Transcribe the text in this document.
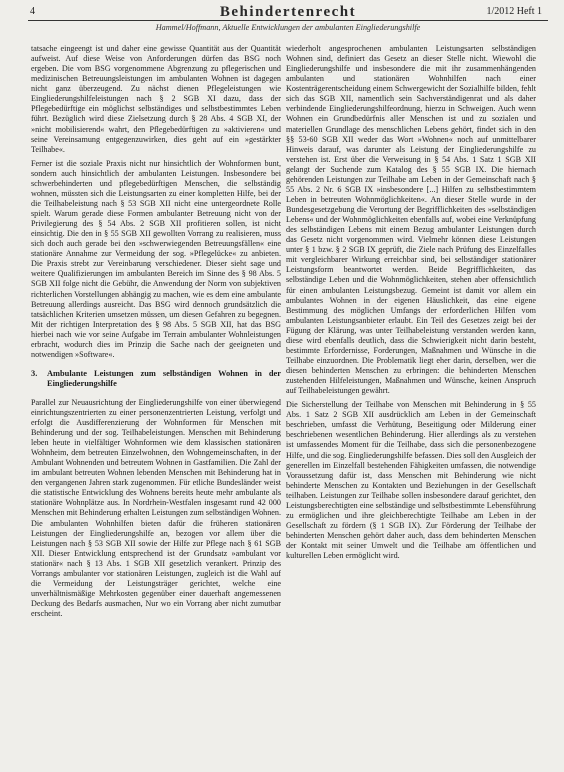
4	Behindertenrecht	1/2012 Heft 1
Hammel/Hoffmann, Aktuelle Entwicklungen der ambulanten Eingliederungshilfe

tatsache eingeengt ist und daher eine gewisse Quantität aus der Quantität aufweist. Auf diese Weise von Anforderungen dürfen das BSG noch ergeben. Die vom BSG vorgenommene Abgrenzung zu pflegerischen und medizinischen Betreuungsleistungen im ambulanten Wohnen ist dagegen nicht ganz überzeugend. Zu nächst dienen Pflegeleistungen wie Eingliederungshilfeleistungen nach § 2 SGB XI dazu, dass der Pflegebedürftige ein möglichst selbständiges und selbstbestimmtes Leben führt. Bezüglich wird diese Zielsetzung durch § 28 Abs. 4 SGB XI, der »nicht mobilisierend« wahrt, den Pflegebedürftigen zu »aktivieren« und seine Vereinsamung entgegenzuwirken, dies geht auf ein »gestärkter Teilhabe«.

Ferner ist die soziale Praxis nicht nur hinsichtlich der Wohnformen bunt, sondern auch hinsichtlich der ambulanten Leistungen. Insbesondere bei schwerbehinderten und pflegebedürftigen Menschen, die selbständig wohnen, müssten sich die Leistungsarten zu einer kompletten Hilfe, bei der die Teilhabeleistung nach § 53 SGB XII nicht eine untergeordnete Rolle spielt. Warum gerade diese Formen ambulanter Betreuung nicht von der Privilegierung des § 54 Abs. 2 SGB XII profitieren sollen, ist nicht einsichtig. Die den in § 55 SGB XII gewollten Vorrang zu realisieren, muss sich doch auch gerade bei den »schwerwiegenden Betreuungsfällen« eine stationäre Annahme zur Vermeidung der sog. »Pflegelücke« zu anbieten. Die Praxis strebt zur Vereinbarung verschiedener. Dieser sieht sage und weitere Qualifizierungen im ambulanten Bereich im Sinne des § 98 Abs. 5 SGB XII folge nicht die Gebühr, die Anwendung der Norm von subjektiven richterlichen Vorstellungen abhängig zu machen, wie es dem eine ambulante Betreuung allerdings ausreicht. Das BSG wird dennoch grundsätzlich die tatsächlichen Kriterien umsetzen müssen, um diesen Gefahren zu begegnen. Mit der richtigen Interpretation des § 98 Abs. 5 SGB XII, hat das BSG hierbei nach wie vor seine Aufgabe im Terrain ambulanter Wohnleistungen erbracht, wodurch dies im Prinzip die Sache nach der geeigneten und notwendigen »Software«.

3.	Ambulante Leistungen zum selbständigen Wohnen in der Eingliederungshilfe

Parallel zur Neuausrichtung der Eingliederungshilfe von einer überwiegend einrichtungszentrierten zu einer personenzentrierten Leistung, verfolgt und erfolgt die Ausdifferenzierung der Wohnformen für Menschen mit Behinderung und der sog. Teilhabeleistungen. Menschen mit Behinderung leben heute in vielfältiger Wohnformen wie dem klassischen stationären Wohnheim, dem betreuten Einzelwohnen, den Wohngemeinschaften, in der Ambulant Wohnenden und betreutem Wohnen in Gastfamilien. Die Zahl der im ambulant betreuten Wohnen lebenden Menschen mit Behinderung hat in den vergangenen Jahren stark zugenommen. Für etliche Bundesländer weist die statistische Entwicklung des Wohnens bereits heute mehr ambulante als stationäre Wohnplätze aus. In Nordrhein-Westfalen insgesamt rund 42 000 Menschen mit Behinderung erhalten Leistungen zum selbständigen Wohnen. Die ambulanten Wohnhilfen bieten dafür die früheren stationären Leistungen der Eingliederungshilfe an, bezogen vor allem über die Leistungen nach § 53 SGB XII sowie der Hilfe zur Pflege nach § 61 SGB XII. Dieser Entwicklung entsprechend ist der Grundsatz »ambulant vor stationär« nach § 13 Abs. 1 SGB XII gesetzlich verankert. Prinzip des Vorrangs ambulanter vor stationären Leistungen, zugleich ist die Wahl auf die Vermeidung der Leistungsträger gerichtet, welche eine unverhältnismäßige Mehrkosten gegenüber einer dauerhaft angemessenen Deckung des Bedarfs ausmachen, Nur wo ein Vorrang aber nicht zumutbar erscheint.

wiederholt angesprochenen ambulanten Leistungsarten selbständigen Wohnen sind, definiert das Gesetz an dieser Stelle nicht. Wiewohl die Eingliederungshilfe und insbesondere die mit ihr zusammenhängenden ambulanten und stationären Wohnhilfen nach einer Kostenträgerentscheidung einem Schwergewicht der Sozialhilfe bilden, fehlt sich das SGB XII, namentlich sein Sachverständigenrat und als daher verbindende Eingliederungshilfeordnung, hierzu in Schweigen. Auch wenn Wohnen ein Grundbedürfnis aller Menschen ist und zu sozialen und materiellen Grundlage des menschlichen Lebens gehört, findet sich in den §§ 53-60 SGB XII weder das Wort »Wohnen« noch auf unmittelbarer Hinweis darauf, was darunter als Leistung der Eingliederungshilfe zu verstehen ist. Erst über die Verweisung in § 54 Abs. 1 Satz 1 SGB XII gelangt der Suchende zum Katalog des § 55 SGB IX. Die hiernach gehörenden Leistungen zur Teilhabe am Leben in der Gemeinschaft nach § 55 Abs. 2 Nr. 6 SGB IX »insbesondere [...] Hilfen zu selbstbestimmtem Leben in betreuten Wohnmöglichkeiten«. An dieser Stelle wurde in der Bundesgesetzgebung die Verortung der Begrifflichkeiten des »selbständigen Lebens« und der Wohnmöglichkeiten ebenfalls auf, wobei eine Verknüpfung des selbständigen Lebens mit einem Bezug ambulanter Leistungen durch das Gesetz nicht vorgenommen wird. Vielmehr können diese Leistungen unter § 1 bzw. § 2 SGB IX geprüft, die Ziele nach Prüfung des Einzelfalles mit vergleichbarer Wirkung erreichbar sind, bei selbständiger stationärer Leistungsform beantwortet werden. Beide Begrifflichkeiten, das selbständige Leben und die Wohnmöglichkeiten, stehen aber offensichtlich für einen ambulanten Leistungsbezug. Gemeint ist damit vor allem ein ambulantes Wohnen in der eigenen Häuslichkeit, das eine eigene Bestimmung des möglichen Umfangs der erforderlichen Hilfen vom ambulanten Leistungsanbieter erlaubt. Ein Teil des Gesetzes zeigt bei der Fügung der Klärung, was unter Teilhabeleistung verstanden werden kann, diese wird ebenfalls deutlich, dass die Schwierigkeit nicht darin besteht, bestimmte Erfordernisse, Forderungen, Maßnahmen und Wünsche in die Teilhabe einzuordnen. Die Problematik liegt eher darin, derselben, wer die diesen behinderten Menschen zu erbringen: die behinderten Menschen zustehenden Hilfeleistungen, Maßnahmen und Wünsche, keinen Anspruch auf Teilhabeleistungen gewährt.

Die Sicherstellung der Teilhabe von Menschen mit Behinderung in § 55 Abs. 1 Satz 2 SGB XII ausdrücklich am Leben in der Gemeinschaft beschrieben, umfasst die Verhütung, Beseitigung oder Milderung einer beschriebenen wesentlichen Behinderung. Hier allerdings als zu verstehen ist umfassendes Moment für die Teilhabe, dass sich die personenbezogene Hilfe, und die sog. Eingliederungshilfe befassen. Dies soll den Ausgleich der generellen im Einzelfall bestehenden Fähigkeiten umfassen, die notwendige Voraussetzung dafür ist, dass Menschen mit Behinderung wie nicht behinderte Menschen zu Kontakten und Beziehungen in der Gesellschaft teilhaben. Leistungen zur Teilhabe sollen insbesondere darauf gerichtet, den Leistungsberechtigten eine selbständige und selbstbestimmte Lebensführung zu ermöglichen und ihre gleichberechtigte Teilhabe am Leben in der Gesellschaft zu fördern (§ 1 SGB IX). Zur Förderung der Teilhabe der behinderten Menschen gehört daher auch, dass dem behinderten Menschen der Kontakt mit seiner Umwelt und die Teilhabe am öffentlichen und kulturellen Leben ermöglicht wird.
